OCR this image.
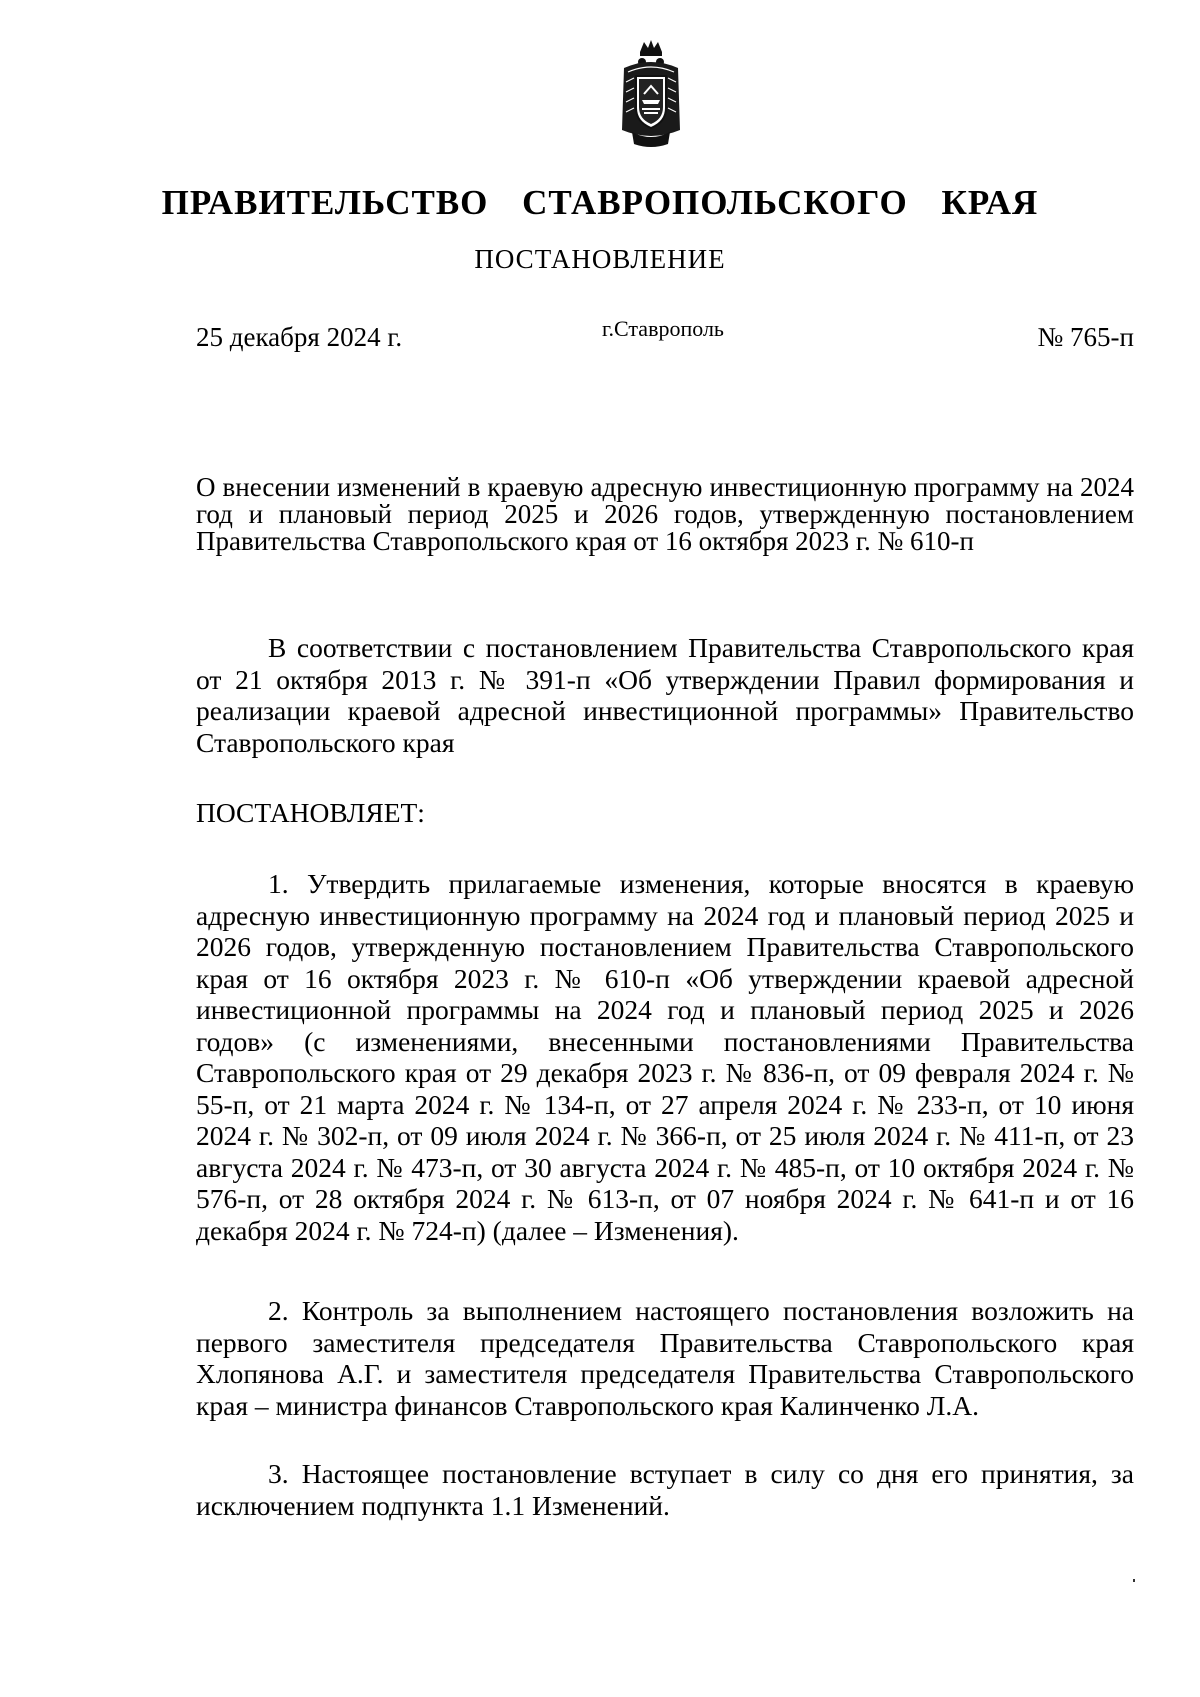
ПРАВИТЕЛЬСТВО СТАВРОПОЛЬСКОГО КРАЯ
ПОСТАНОВЛЕНИЕ
25 декабря 2024 г.	г.Ставрополь	№ 765-п

О внесении изменений в краевую адресную инвестиционную программу на 2024 год и плановый период 2025 и 2026 годов, утвержденную постановлением Правительства Ставропольского края от 16 октября 2023 г. № 610-п

В соответствии с постановлением Правительства Ставропольского края от 21 октября 2013 г. № 391-п «Об утверждении Правил формирования и реализации краевой адресной инвестиционной программы» Правительство Ставропольского края

ПОСТАНОВЛЯЕТ:

1. Утвердить прилагаемые изменения, которые вносятся в краевую адресную инвестиционную программу на 2024 год и плановый период 2025 и 2026 годов, утвержденную постановлением Правительства Ставропольского края от 16 октября 2023 г. № 610-п «Об утверждении краевой адресной инвестиционной программы на 2024 год и плановый период 2025 и 2026 годов» (с изменениями, внесенными постановлениями Правительства Ставропольского края от 29 декабря 2023 г. № 836-п, от 09 февраля 2024 г. № 55-п, от 21 марта 2024 г. № 134-п, от 27 апреля 2024 г. № 233-п, от 10 июня 2024 г. № 302-п, от 09 июля 2024 г. № 366-п, от 25 июля 2024 г. № 411-п, от 23 августа 2024 г. № 473-п, от 30 августа 2024 г. № 485-п, от 10 октября 2024 г. № 576-п, от 28 октября 2024 г. № 613-п, от 07 ноября 2024 г. № 641-п и от 16 декабря 2024 г. № 724-п) (далее – Изменения).

2. Контроль за выполнением настоящего постановления возложить на первого заместителя председателя Правительства Ставропольского края Хлопянова А.Г. и заместителя председателя Правительства Ставропольского края – министра финансов Ставропольского края Калинченко Л.А.

3. Настоящее постановление вступает в силу со дня его принятия, за исключением подпункта 1.1 Изменений.
